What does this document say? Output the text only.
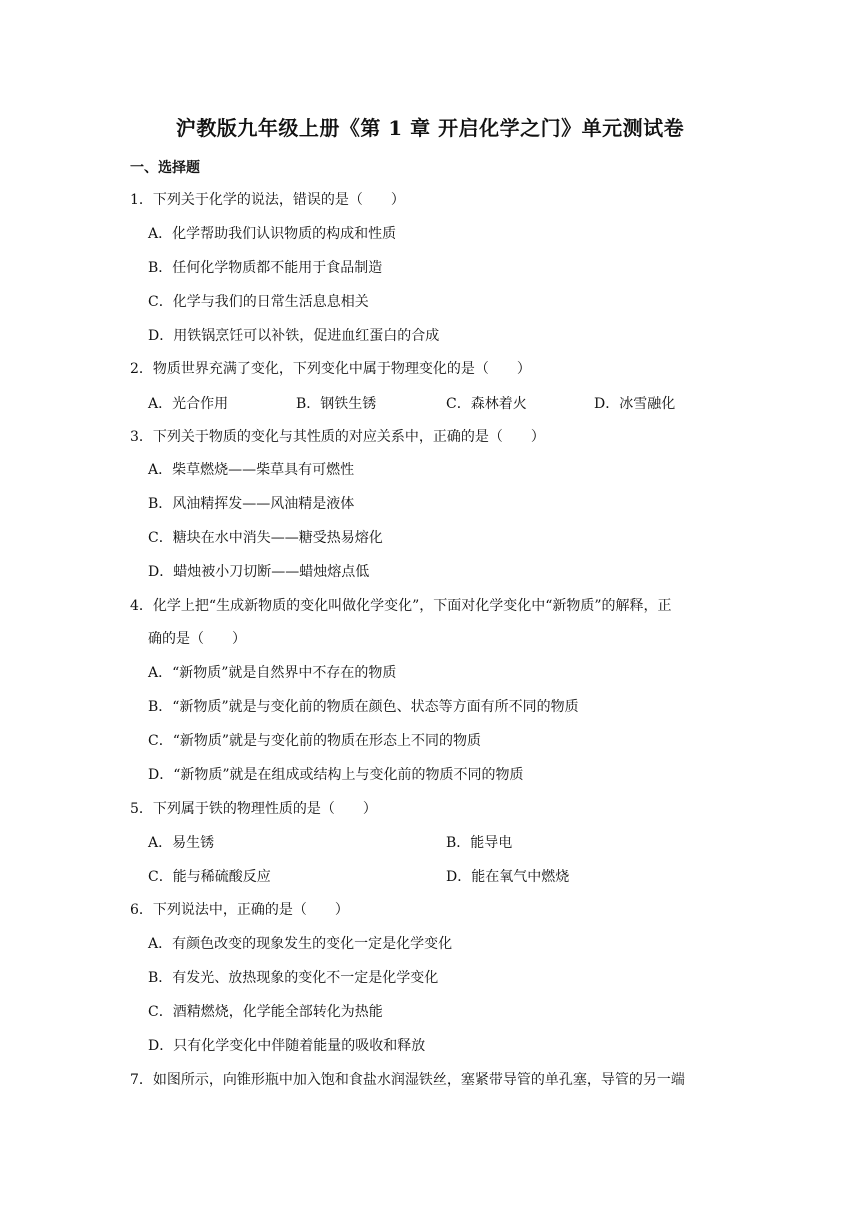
沪教版九年级上册《第 1 章 开启化学之门》单元测试卷
一、选择题
1．下列关于化学的说法，错误的是（　　）
A．化学帮助我们认识物质的构成和性质
B．任何化学物质都不能用于食品制造
C．化学与我们的日常生活息息相关
D．用铁锅烹饪可以补铁，促进血红蛋白的合成
2．物质世界充满了变化，下列变化中属于物理变化的是（　　）
A．光合作用	B．钢铁生锈	C．森林着火	D．冰雪融化
3．下列关于物质的变化与其性质的对应关系中，正确的是（　　）
A．柴草燃烧——柴草具有可燃性
B．风油精挥发——风油精是液体
C．糖块在水中消失——糖受热易熔化
D．蜡烛被小刀切断——蜡烛熔点低
4．化学上把“生成新物质的变化叫做化学变化”，下面对化学变化中“新物质”的解释，正
确的是（　　）
A．“新物质”就是自然界中不存在的物质
B．“新物质”就是与变化前的物质在颜色、状态等方面有所不同的物质
C．“新物质”就是与变化前的物质在形态上不同的物质
D．“新物质”就是在组成或结构上与变化前的物质不同的物质
5．下列属于铁的物理性质的是（　　）
A．易生锈	B．能导电
C．能与稀硫酸反应	D．能在氧气中燃烧
6．下列说法中，正确的是（　　）
A．有颜色改变的现象发生的变化一定是化学变化
B．有发光、放热现象的变化不一定是化学变化
C．酒精燃烧，化学能全部转化为热能
D．只有化学变化中伴随着能量的吸收和释放
7．如图所示，向锥形瓶中加入饱和食盐水润湿铁丝，塞紧带导管的单孔塞，导管的另一端
